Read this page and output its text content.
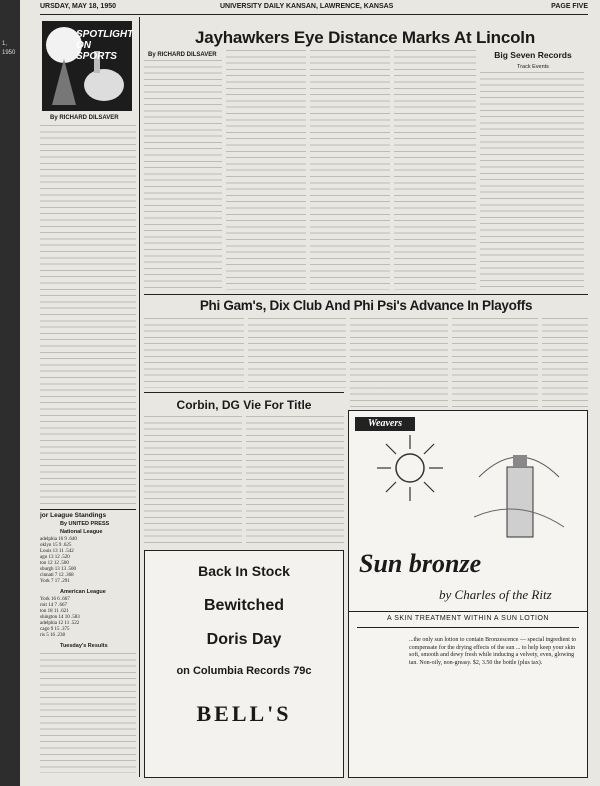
1, 1950
URSDAY, MAY 18, 1950	UNIVERSITY DAILY KANSAN, LAWRENCE, KANSAS	PAGE FIVE
SPOTLIGHT ON SPORTS
By RICHARD DILSAVER
jor League Standings
By UNITED PRESS
National League
adelphia 16 9 .640
oklyn 15 9 .625
Louis 13 11 .542
ago 13 12 .520
ton 12 12 .500
sburgh 13 13 .500
cinnati 7 12 .368
York 7 17 .291
American League
York 16 6 .667
roit 14 7 .667
ton 18 11 .621
shington 14 10 .583
adelphia 12 11 .522
cago 9 15 .375
ris 5 16 .238
Tuesday's Results
Jayhawkers Eye Distance Marks At Lincoln
By RICHARD DILSAVER	Big Seven Records
Track Events
Phi Gam's, Dix Club And Phi Psi's Advance In Playoffs
Corbin, DG Vie For Title
Back In Stock
Bewitched
Doris Day
on Columbia Records 79c
BELL'S
Weavers
Sun bronze
by Charles of the Ritz
A SKIN TREATMENT WITHIN A SUN LOTION
...the only sun lotion to contain Bronzescence — special ingredient to compensate for the drying effects of the sun ... to help keep your skin soft, smooth and dewy fresh while inducing a velvety, even, glowing tan. Non-oily, non-greasy. $2, 3.50 the bottle (plus tax).
